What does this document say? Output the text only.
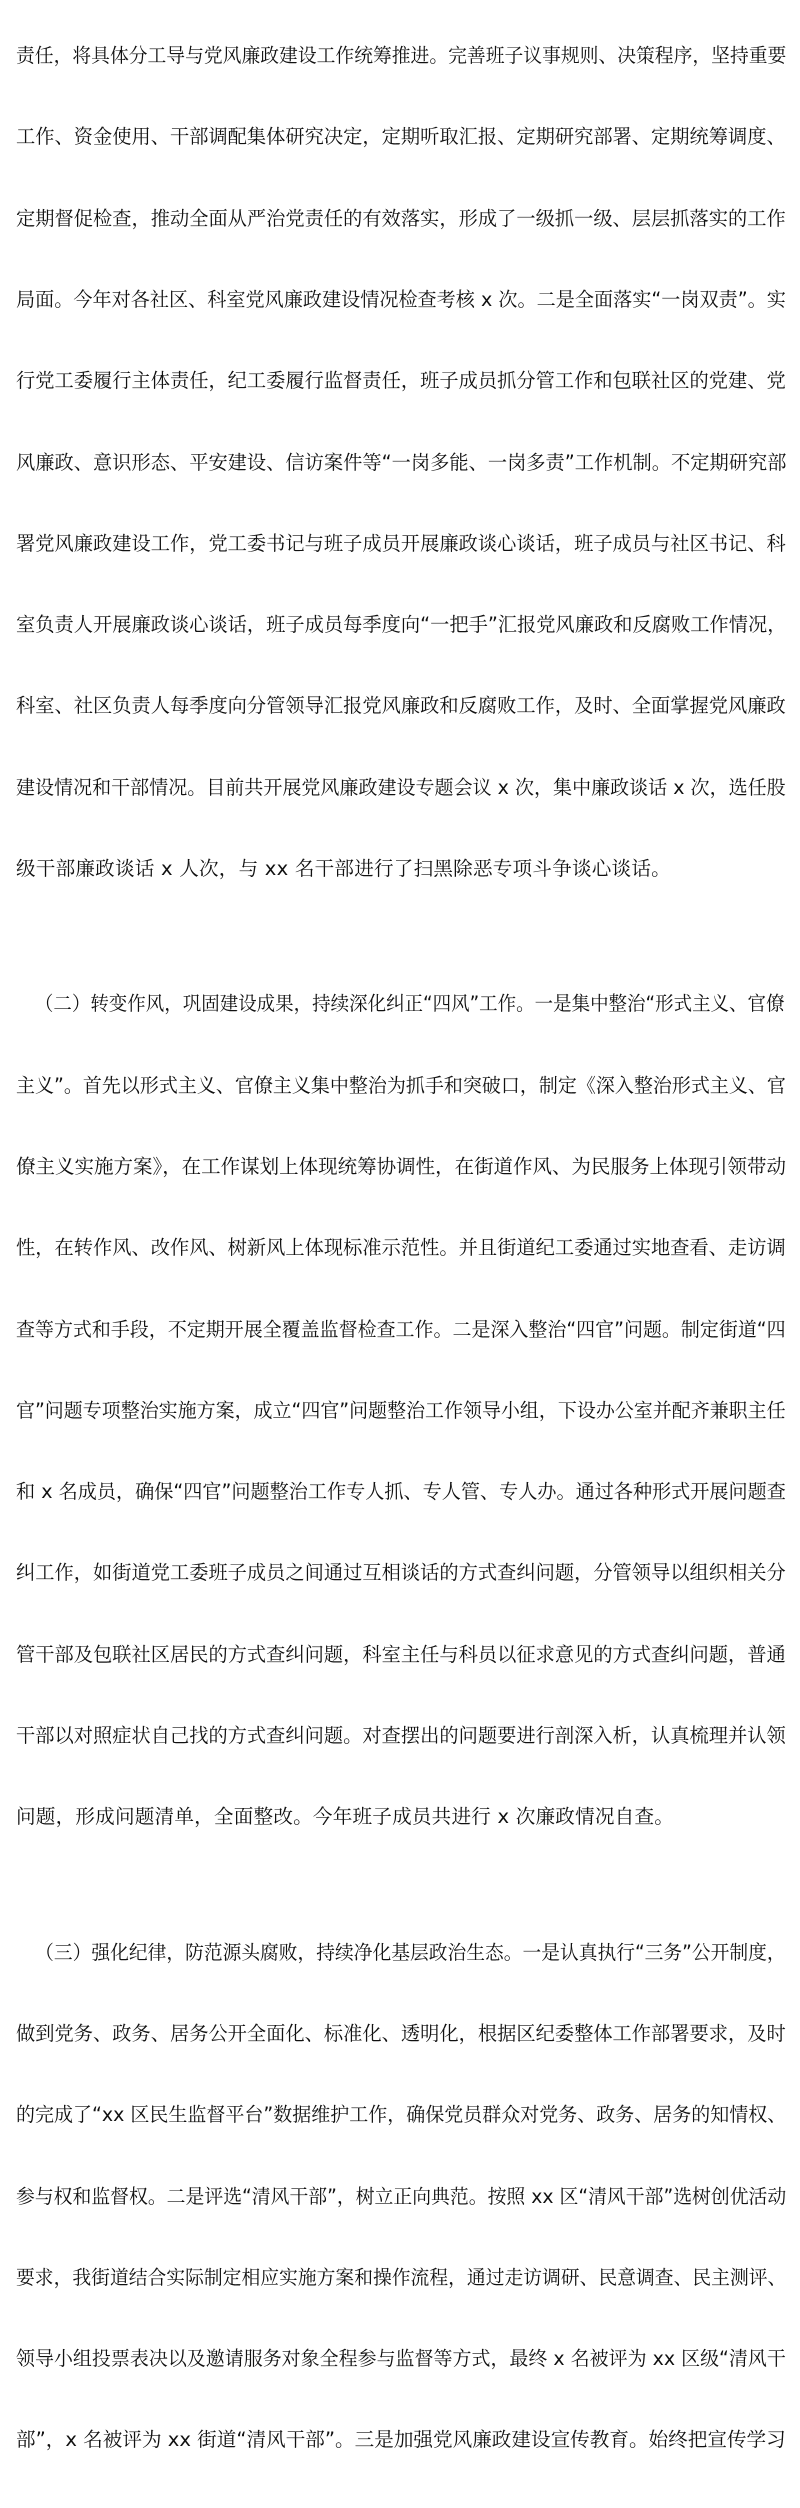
责任，将具体分工导与党风廉政建设工作统筹推进。完善班子议事规则、决策程序，坚持重要

工作、资金使用、干部调配集体研究决定，定期听取汇报、定期研究部署、定期统筹调度、

定期督促检查，推动全面从严治党责任的有效落实，形成了一级抓一级、层层抓落实的工作

局面。今年对各社区、科室党风廉政建设情况检查考核 x 次。二是全面落实“一岗双责”。实

行党工委履行主体责任，纪工委履行监督责任，班子成员抓分管工作和包联社区的党建、党

风廉政、意识形态、平安建设、信访案件等“一岗多能、一岗多责”工作机制。不定期研究部

署党风廉政建设工作，党工委书记与班子成员开展廉政谈心谈话，班子成员与社区书记、科

室负责人开展廉政谈心谈话，班子成员每季度向“一把手”汇报党风廉政和反腐败工作情况，

科室、社区负责人每季度向分管领导汇报党风廉政和反腐败工作，及时、全面掌握党风廉政

建设情况和干部情况。目前共开展党风廉政建设专题会议 x 次，集中廉政谈话 x 次，选任股

级干部廉政谈话 x 人次，与 xx 名干部进行了扫黑除恶专项斗争谈心谈话。

（二）转变作风，巩固建设成果，持续深化纠正“四风”工作。一是集中整治“形式主义、官僚

主义”。首先以形式主义、官僚主义集中整治为抓手和突破口，制定《深入整治形式主义、官

僚主义实施方案》，在工作谋划上体现统筹协调性，在街道作风、为民服务上体现引领带动

性，在转作风、改作风、树新风上体现标准示范性。并且街道纪工委通过实地查看、走访调

查等方式和手段，不定期开展全覆盖监督检查工作。二是深入整治“四官”问题。制定街道“四

官”问题专项整治实施方案，成立“四官”问题整治工作领导小组，下设办公室并配齐兼职主任

和 x 名成员，确保“四官”问题整治工作专人抓、专人管、专人办。通过各种形式开展问题查

纠工作，如街道党工委班子成员之间通过互相谈话的方式查纠问题，分管领导以组织相关分

管干部及包联社区居民的方式查纠问题，科室主任与科员以征求意见的方式查纠问题，普通

干部以对照症状自己找的方式查纠问题。对查摆出的问题要进行剖深入析，认真梳理并认领

问题，形成问题清单，全面整改。今年班子成员共进行 x 次廉政情况自查。

（三）强化纪律，防范源头腐败，持续净化基层政治生态。一是认真执行“三务”公开制度，

做到党务、政务、居务公开全面化、标准化、透明化，根据区纪委整体工作部署要求，及时

的完成了“xx 区民生监督平台”数据维护工作，确保党员群众对党务、政务、居务的知情权、

参与权和监督权。二是评选“清风干部”，树立正向典范。按照 xx 区“清风干部”选树创优活动

要求，我街道结合实际制定相应实施方案和操作流程，通过走访调研、民意调查、民主测评、

领导小组投票表决以及邀请服务对象全程参与监督等方式，最终 x 名被评为 xx 区级“清风干

部”，x 名被评为 xx 街道“清风干部”。三是加强党风廉政建设宣传教育。始终把宣传学习
